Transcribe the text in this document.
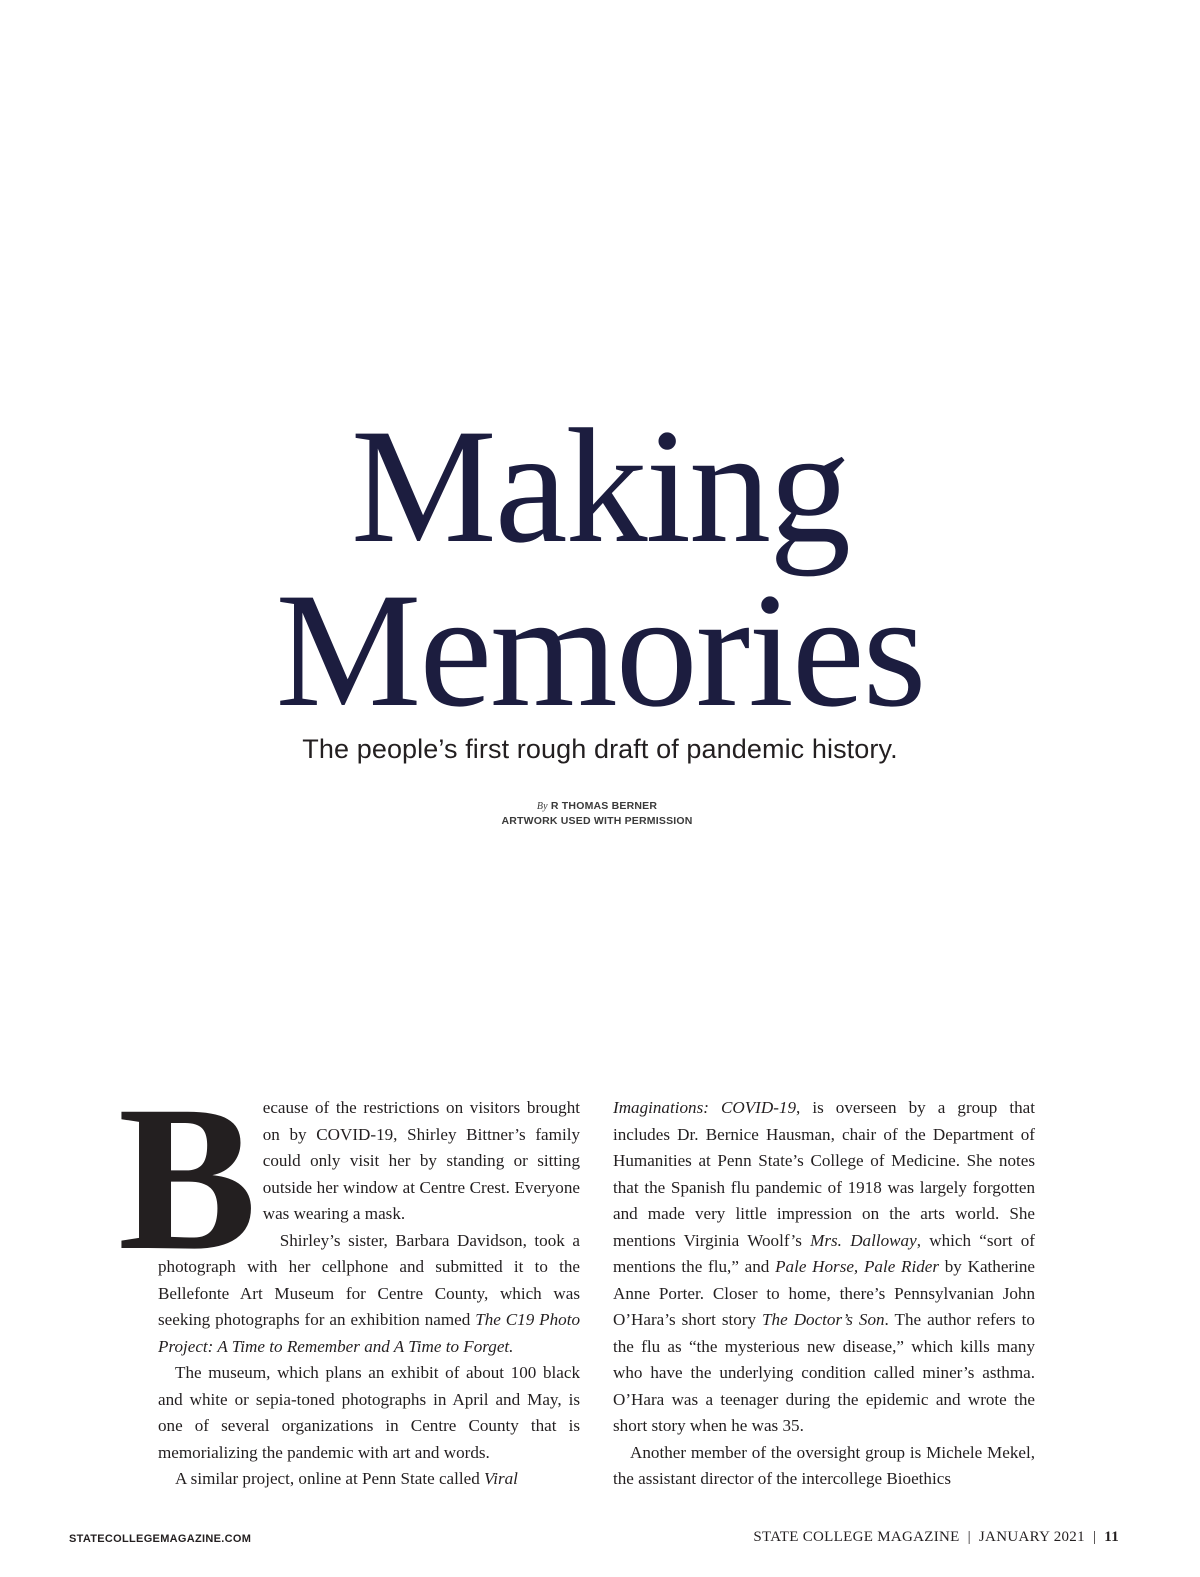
Making
Memories
The people’s first rough draft of pandemic history.
By R THOMAS BERNER
ARTWORK USED WITH PERMISSION

Because of the restrictions on visitors brought on by COVID-19, Shirley Bittner’s family could only visit her by standing or sitting outside her window at Centre Crest. Everyone was wearing a mask.

Shirley’s sister, Barbara Davidson, took a photograph with her cellphone and submitted it to the Bellefonte Art Museum for Centre County, which was seeking photographs for an exhibition named The C19 Photo Project: A Time to Remember and A Time to Forget.

The museum, which plans an exhibit of about 100 black and white or sepia-toned photographs in April and May, is one of several organizations in Centre County that is memorializing the pandemic with art and words.

A similar project, online at Penn State called Viral

Imaginations: COVID-19, is overseen by a group that includes Dr. Bernice Hausman, chair of the Department of Humanities at Penn State’s College of Medicine. She notes that the Spanish flu pandemic of 1918 was largely forgotten and made very little impression on the arts world. She mentions Virginia Woolf’s Mrs. Dalloway, which “sort of mentions the flu,” and Pale Horse, Pale Rider by Katherine Anne Porter. Closer to home, there’s Pennsylvanian John O’Hara’s short story The Doctor’s Son. The author refers to the flu as “the mysterious new disease,” which kills many who have the underlying condition called miner’s asthma. O’Hara was a teenager during the epidemic and wrote the short story when he was 35.

Another member of the oversight group is Michele Mekel, the assistant director of the intercollege Bioethics

STATECOLLEGEMAGAZINE.COM	STATE COLLEGE MAGAZINE | JANUARY 2021 | 11
